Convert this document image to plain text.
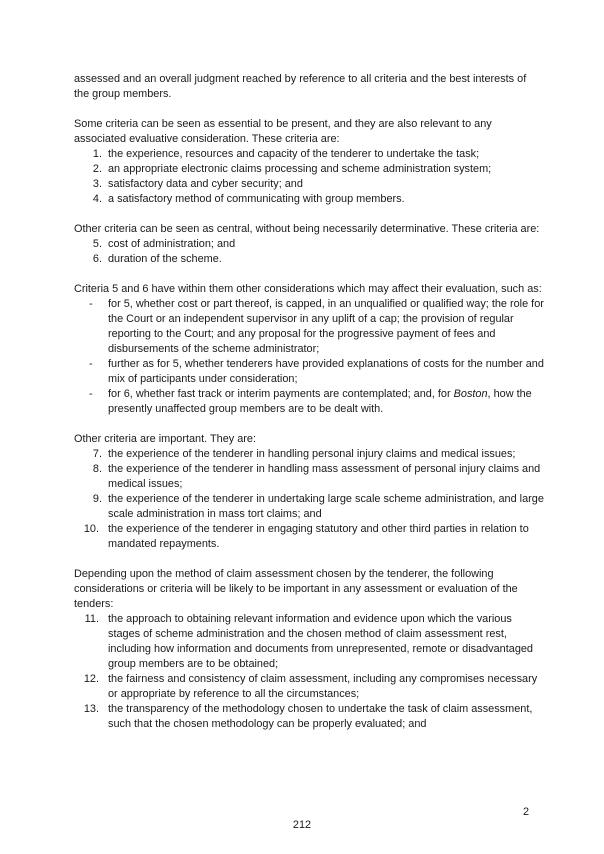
assessed and an overall judgment reached by reference to all criteria and the best interests of the group members.

Some criteria can be seen as essential to be present, and they are also relevant to any associated evaluative consideration. These criteria are:

1. the experience, resources and capacity of the tenderer to undertake the task;
2. an appropriate electronic claims processing and scheme administration system;
3. satisfactory data and cyber security; and
4. a satisfactory method of communicating with group members.

Other criteria can be seen as central, without being necessarily determinative. These criteria are:

5. cost of administration; and
6. duration of the scheme.

Criteria 5 and 6 have within them other considerations which may affect their evaluation, such as:

- for 5, whether cost or part thereof, is capped, in an unqualified or qualified way; the role for the Court or an independent supervisor in any uplift of a cap; the provision of regular reporting to the Court; and any proposal for the progressive payment of fees and disbursements of the scheme administrator;
- further as for 5, whether tenderers have provided explanations of costs for the number and mix of participants under consideration;
- for 6, whether fast track or interim payments are contemplated; and, for Boston, how the presently unaffected group members are to be dealt with.

Other criteria are important. They are:

7. the experience of the tenderer in handling personal injury claims and medical issues;
8. the experience of the tenderer in handling mass assessment of personal injury claims and medical issues;
9. the experience of the tenderer in undertaking large scale scheme administration, and large scale administration in mass tort claims; and
10. the experience of the tenderer in engaging statutory and other third parties in relation to mandated repayments.

Depending upon the method of claim assessment chosen by the tenderer, the following considerations or criteria will be likely to be important in any assessment or evaluation of the tenders:

11. the approach to obtaining relevant information and evidence upon which the various stages of scheme administration and the chosen method of claim assessment rest, including how information and documents from unrepresented, remote or disadvantaged group members are to be obtained;
12. the fairness and consistency of claim assessment, including any compromises necessary or appropriate by reference to all the circumstances;
13. the transparency of the methodology chosen to undertake the task of claim assessment, such that the chosen methodology can be properly evaluated; and
2
212
